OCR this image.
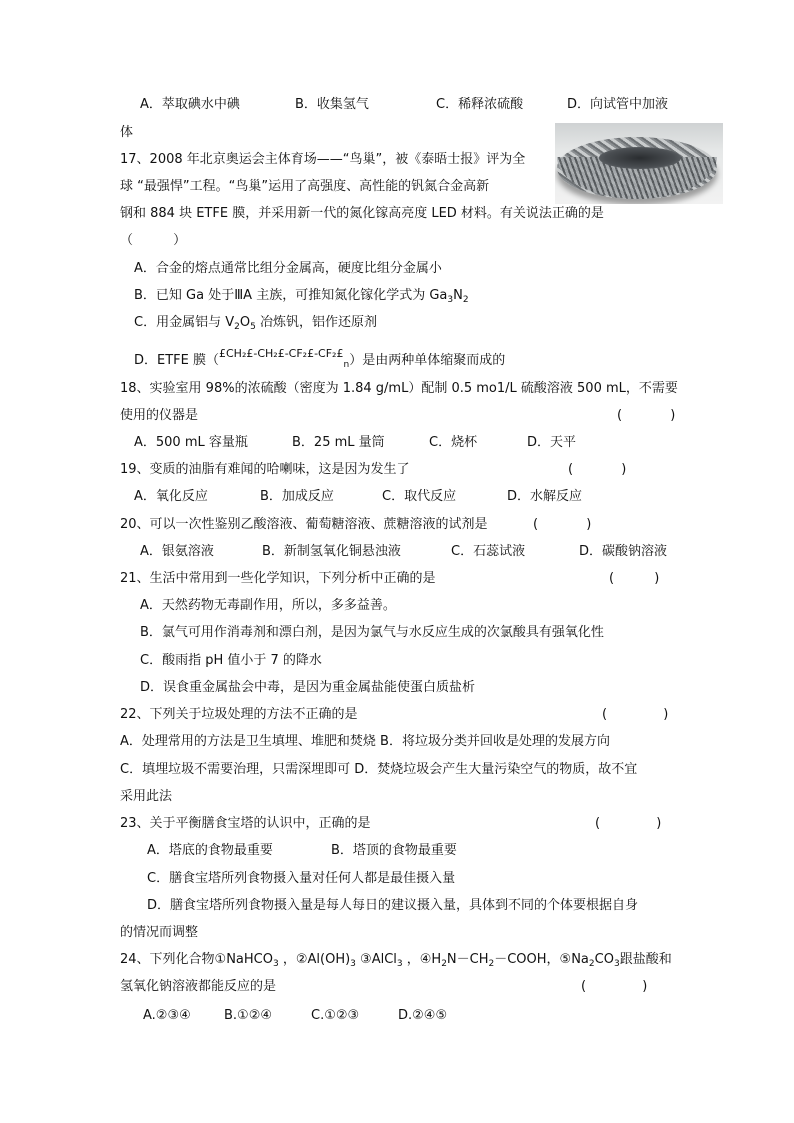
A．萃取碘水中碘	B．收集氢气	C．稀释浓硫酸	D．向试管中加液
体
17、2008 年北京奥运会主体育场——“鸟巢”，被《泰晤士报》评为全
球 “最强悍”工程。“鸟巢”运用了高强度、高性能的钒氮合金高新
钢和 884 块 ETFE 膜，并采用新一代的氮化镓高亮度 LED 材料。有关说法正确的是
（ ）
A．合金的熔点通常比组分金属高，硬度比组分金属小
B．已知 Ga 处于ⅢA 主族，可推知氮化镓化学式为 $Ga_3N_2$
C．用金属铝与 $V_2O_5$ 冶炼钒，铝作还原剂
D．ETFE 膜（$^{£CH_2£-CH_2£-CF_2£-CF_2£}_n$）是由两种单体缩聚而成的
18、实验室用 98%的浓硫酸（密度为 1.84 g/mL）配制 0.5 mo1/L 硫酸溶液 500 mL，不需要
使用的仪器是	( )
A．500 mL 容量瓶	B．25 mL 量筒	C．烧杯	D．天平
19、变质的油脂有难闻的哈喇味，这是因为发生了	( )
A．氧化反应	B．加成反应	C．取代反应	D．水解反应
20、可以一次性鉴别乙酸溶液、葡萄糖溶液、蔗糖溶液的试剂是	( )
A．银氨溶液	B．新制氢氧化铜悬浊液	C．石蕊试液	D．碳酸钠溶液
21、生活中常用到一些化学知识，下列分析中正确的是	( )
A．天然药物无毒副作用，所以，多多益善。
B．氯气可用作消毒剂和漂白剂，是因为氯气与水反应生成的次氯酸具有强氧化性
C．酸雨指 pH 值小于 7 的降水
D．误食重金属盐会中毒，是因为重金属盐能使蛋白质盐析
22、下列关于垃圾处理的方法不正确的是	( )
A．处理常用的方法是卫生填埋、堆肥和焚烧 B．将垃圾分类并回收是处理的发展方向
C．填埋垃圾不需要治理，只需深埋即可 D．焚烧垃圾会产生大量污染空气的物质，故不宜
采用此法
23、关于平衡膳食宝塔的认识中，正确的是	( )
A．塔底的食物最重要	B．塔顶的食物最重要
C．膳食宝塔所列食物摄入量对任何人都是最佳摄入量
D．膳食宝塔所列食物摄入量是每人每日的建议摄入量，具体到不同的个体要根据自身
的情况而调整
24、下列化合物①NaHCO$_3$ ，$②Al(OH)_3$ ③AlCl$_3$ ，$④H_2N-CH_2-COOH$，$⑤Na_2CO_3$跟盐酸和
氢氧化钠溶液都能反应的是	( )
A.②③④	B.①②④	C.①②③	D.②④⑤
